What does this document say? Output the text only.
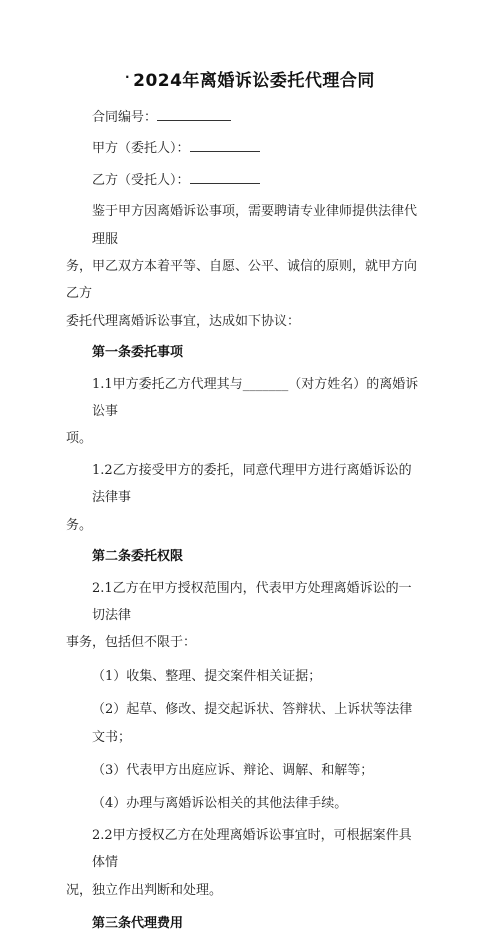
· 2024年离婚诉讼委托代理合同

合同编号：

甲方（委托人）：

乙方（受托人）：

鉴于甲方因离婚诉讼事项，需要聘请专业律师提供法律代理服
务，甲乙双方本着平等、自愿、公平、诚信的原则，就甲方向乙方
委托代理离婚诉讼事宜，达成如下协议：

第一条委托事项

1.1甲方委托乙方代理其与_______（对方姓名）的离婚诉讼事
项。
1.2乙方接受甲方的委托，同意代理甲方进行离婚诉讼的法律事
务。

第二条委托权限

2.1乙方在甲方授权范围内，代表甲方处理离婚诉讼的一切法律
事务，包括但不限于：

（1）收集、整理、提交案件相关证据；

（2）起草、修改、提交起诉状、答辩状、上诉状等法律文书；

（3）代表甲方出庭应诉、辩论、调解、和解等；

（4）办理与离婚诉讼相关的其他法律手续。

2.2甲方授权乙方在处理离婚诉讼事宜时，可根据案件具体情
况，独立作出判断和处理。

第三条代理费用
